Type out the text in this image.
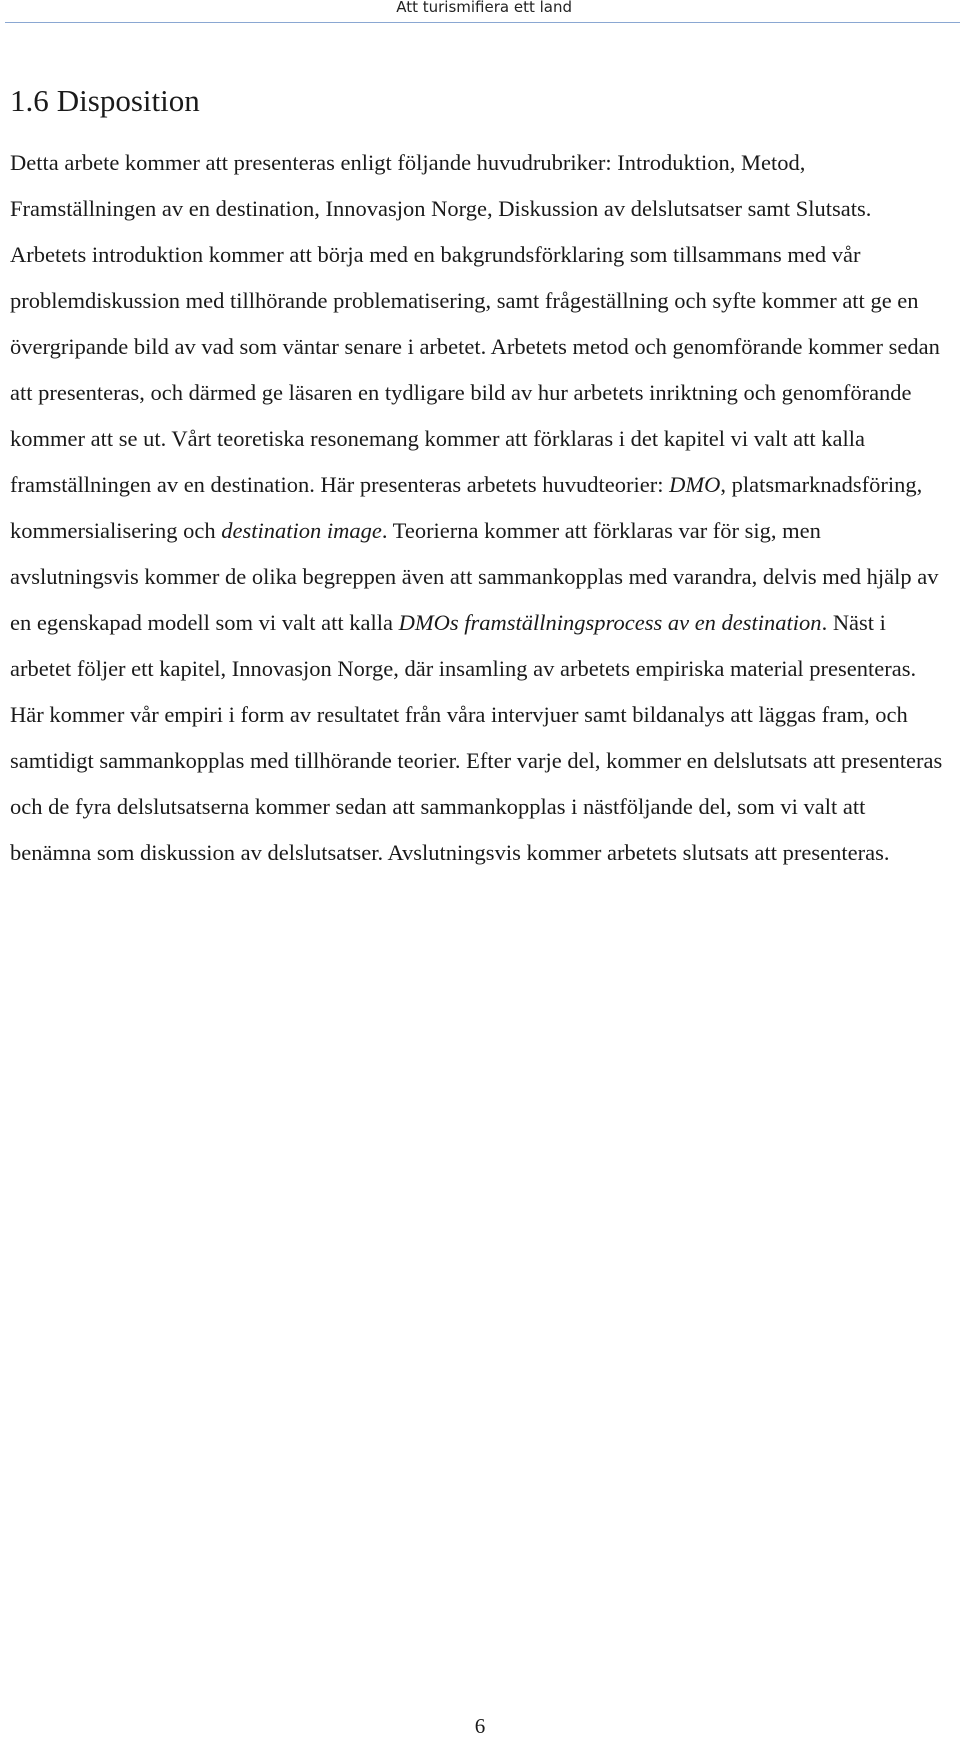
Att turismifiera ett land
1.6 Disposition

Detta arbete kommer att presenteras enligt följande huvudrubriker: Introduktion, Metod, Framställningen av en destination, Innovasjon Norge, Diskussion av delslutsatser samt Slutsats. Arbetets introduktion kommer att börja med en bakgrundsförklaring som tillsammans med vår problemdiskussion med tillhörande problematisering, samt frågeställning och syfte kommer att ge en övergripande bild av vad som väntar senare i arbetet. Arbetets metod och genomförande kommer sedan att presenteras, och därmed ge läsaren en tydligare bild av hur arbetets inriktning och genomförande kommer att se ut. Vårt teoretiska resonemang kommer att förklaras i det kapitel vi valt att kalla framställningen av en destination. Här presenteras arbetets huvudteorier: DMO, platsmarknadsföring, kommersialisering och destination image. Teorierna kommer att förklaras var för sig, men avslutningsvis kommer de olika begreppen även att sammankopplas med varandra, delvis med hjälp av en egenskapad modell som vi valt att kalla DMOs framställningsprocess av en destination. Näst i arbetet följer ett kapitel, Innovasjon Norge, där insamling av arbetets empiriska material presenteras. Här kommer vår empiri i form av resultatet från våra intervjuer samt bildanalys att läggas fram, och samtidigt sammankopplas med tillhörande teorier. Efter varje del, kommer en delslutsats att presenteras och de fyra delslutsatserna kommer sedan att sammankopplas i nästföljande del, som vi valt att benämna som diskussion av delslutsatser. Avslutningsvis kommer arbetets slutsats att presenteras.

6
